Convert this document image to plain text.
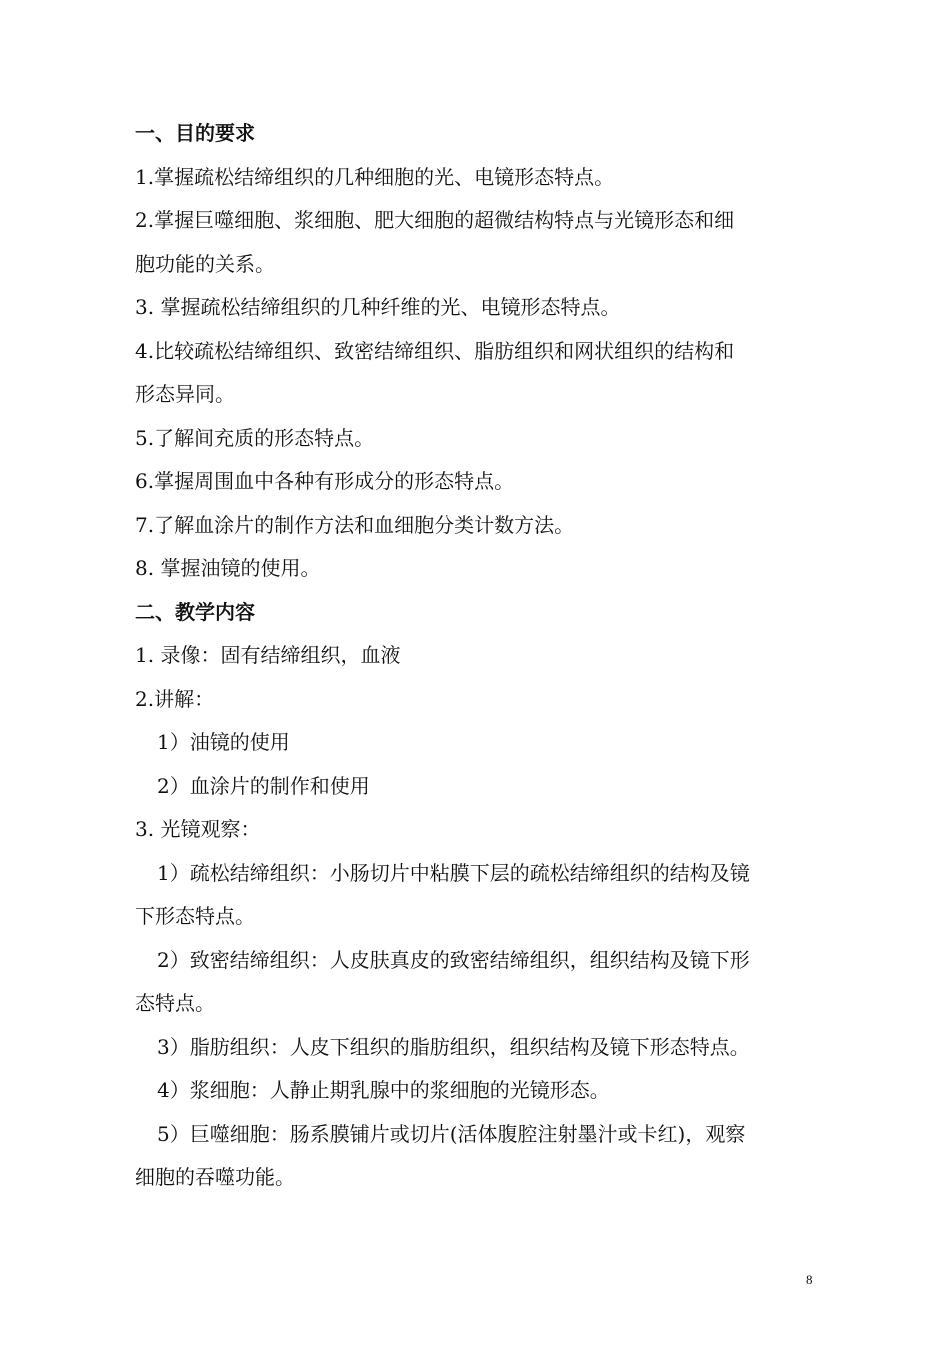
一、目的要求
1.掌握疏松结缔组织的几种细胞的光、电镜形态特点。
2.掌握巨噬细胞、浆细胞、肥大细胞的超微结构特点与光镜形态和细
胞功能的关系。
3. 掌握疏松结缔组织的几种纤维的光、电镜形态特点。
4.比较疏松结缔组织、致密结缔组织、脂肪组织和网状组织的结构和
形态异同。
5.了解间充质的形态特点。
6.掌握周围血中各种有形成分的形态特点。
7.了解血涂片的制作方法和血细胞分类计数方法。
8. 掌握油镜的使用。
二、教学内容
1. 录像：固有结缔组织，血液
2.讲解：
1）油镜的使用
2）血涂片的制作和使用
3. 光镜观察：
1）疏松结缔组织：小肠切片中粘膜下层的疏松结缔组织的结构及镜
下形态特点。
2）致密结缔组织：人皮肤真皮的致密结缔组织，组织结构及镜下形
态特点。
3）脂肪组织：人皮下组织的脂肪组织，组织结构及镜下形态特点。
4）浆细胞：人静止期乳腺中的浆细胞的光镜形态。
5）巨噬细胞：肠系膜铺片或切片(活体腹腔注射墨汁或卡红)，观察
细胞的吞噬功能。
8
